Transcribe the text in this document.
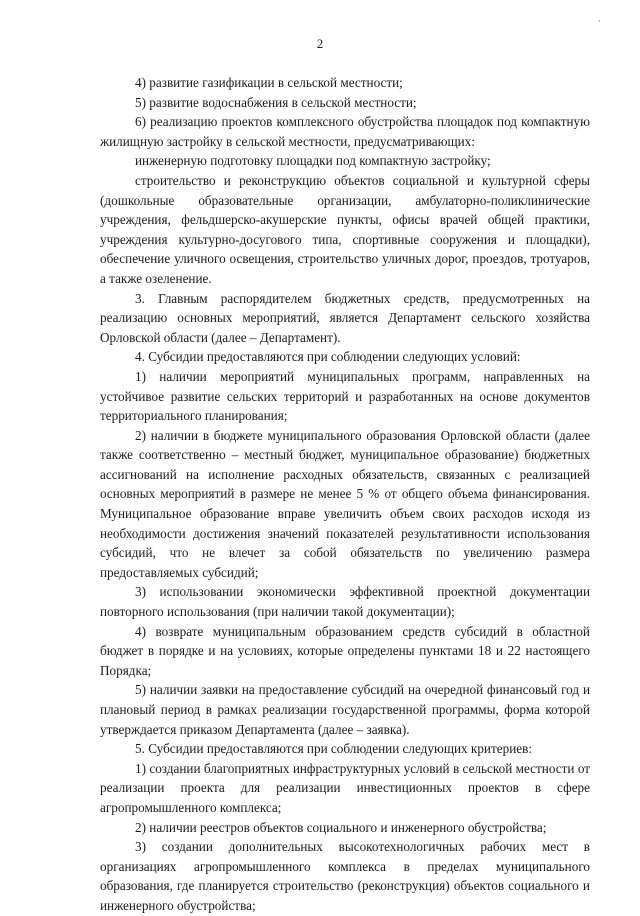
·
2

4) развитие газификации в сельской местности;

5) развитие водоснабжения в сельской местности;

6) реализацию проектов комплексного обустройства площадок под компактную жилищную застройку в сельской местности, предусматривающих:

инженерную подготовку площадки под компактную застройку;

строительство и реконструкцию объектов социальной и культурной сферы (дошкольные образовательные организации, амбулаторно-поликлинические учреждения, фельдшерско-акушерские пункты, офисы врачей общей практики, учреждения культурно-досугового типа, спортивные сооружения и площадки), обеспечение уличного освещения, строительство уличных дорог, проездов, тротуаров, а также озеленение.

3. Главным распорядителем бюджетных средств, предусмотренных на реализацию основных мероприятий, является Департамент сельского хозяйства Орловской области (далее – Департамент).

4. Субсидии предоставляются при соблюдении следующих условий:

1) наличии мероприятий муниципальных программ, направленных на устойчивое развитие сельских территорий и разработанных на основе документов территориального планирования;

2) наличии в бюджете муниципального образования Орловской области (далее также соответственно – местный бюджет, муниципальное образование) бюджетных ассигнований на исполнение расходных обязательств, связанных с реализацией основных мероприятий в размере не менее 5 % от общего объема финансирования. Муниципальное образование вправе увеличить объем своих расходов исходя из необходимости достижения значений показателей результативности использования субсидий, что не влечет за собой обязательств по увеличению размера предоставляемых субсидий;

3) использовании экономически эффективной проектной документации повторного использования (при наличии такой документации);

4) возврате муниципальным образованием средств субсидий в областной бюджет в порядке и на условиях, которые определены пунктами 18 и 22 настоящего Порядка;

5) наличии заявки на предоставление субсидий на очередной финансовый год и плановый период в рамках реализации государственной программы, форма которой утверждается приказом Департамента (далее – заявка).

5. Субсидии предоставляются при соблюдении следующих критериев:

1) создании благоприятных инфраструктурных условий в сельской местности от реализации проекта для реализации инвестиционных проектов в сфере агропромышленного комплекса;

2) наличии реестров объектов социального и инженерного обустройства;

3) создании дополнительных высокотехнологичных рабочих мест в организациях агропромышленного комплекса в пределах муниципального образования, где планируется строительство (реконструкция) объектов социального и инженерного обустройства;
